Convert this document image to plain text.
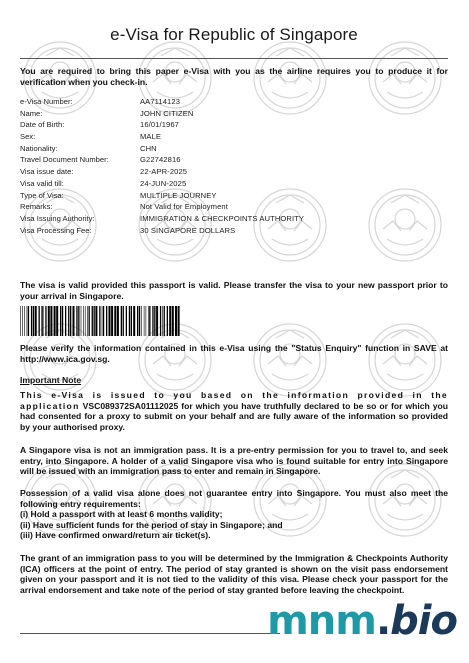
e-Visa for Republic of Singapore
You are required to bring this paper e-Visa with you as the airline requires you to produce it for verification when you check-in.
e-Visa Number:	AA7114123
Name:	JOHN CITIZEN
Date of Birth:	16/01/1967
Sex:	MALE
Nationality:	CHN
Travel Document Number:	G22742816
Visa issue date:	22-APR-2025
Visa valid till:	24-JUN-2025
Type of Visa:	MULTIPLE JOURNEY
Remarks:	Not Valid for Employment
Visa Issuing Authority:	IMMIGRATION & CHECKPOINTS AUTHORITY
Visa Processing Fee:	30 SINGAPORE DOLLARS
The visa is valid provided this passport is valid. Please transfer the visa to your new passport prior to your arrival in Singapore.
Please verify the information contained in this e-Visa using the "Status Enquiry" function in SAVE at http://www.ica.gov.sg.
Important Note
This e-Visa is issued to you based on the information provided in the application VSC089372SA01112025 for which you have truthfully declared to be so or for which you had consented for a proxy to submit on your behalf and are fully aware of the information so provided by your authorised proxy.
A Singapore visa is not an immigration pass. It is a pre-entry permission for you to travel to, and seek entry, into Singapore. A holder of a valid Singapore visa who is found suitable for entry into Singapore will be issued with an immigration pass to enter and remain in Singapore.
Possession of a valid visa alone does not guarantee entry into Singapore. You must also meet the following entry requirements:
(i) Hold a passport with at least 6 months validity;
(ii) Have sufficient funds for the period of stay in Singapore; and
(iii) Have confirmed onward/return air ticket(s).
The grant of an immigration pass to you will be determined by the Immigration & Checkpoints Authority (ICA) officers at the point of entry. The period of stay granted is shown on the visit pass endorsement given on your passport and it is not tied to the validity of this visa. Please check your passport for the arrival endorsement and take note of the period of stay granted before leaving the checkpoint.
mnm.bio
